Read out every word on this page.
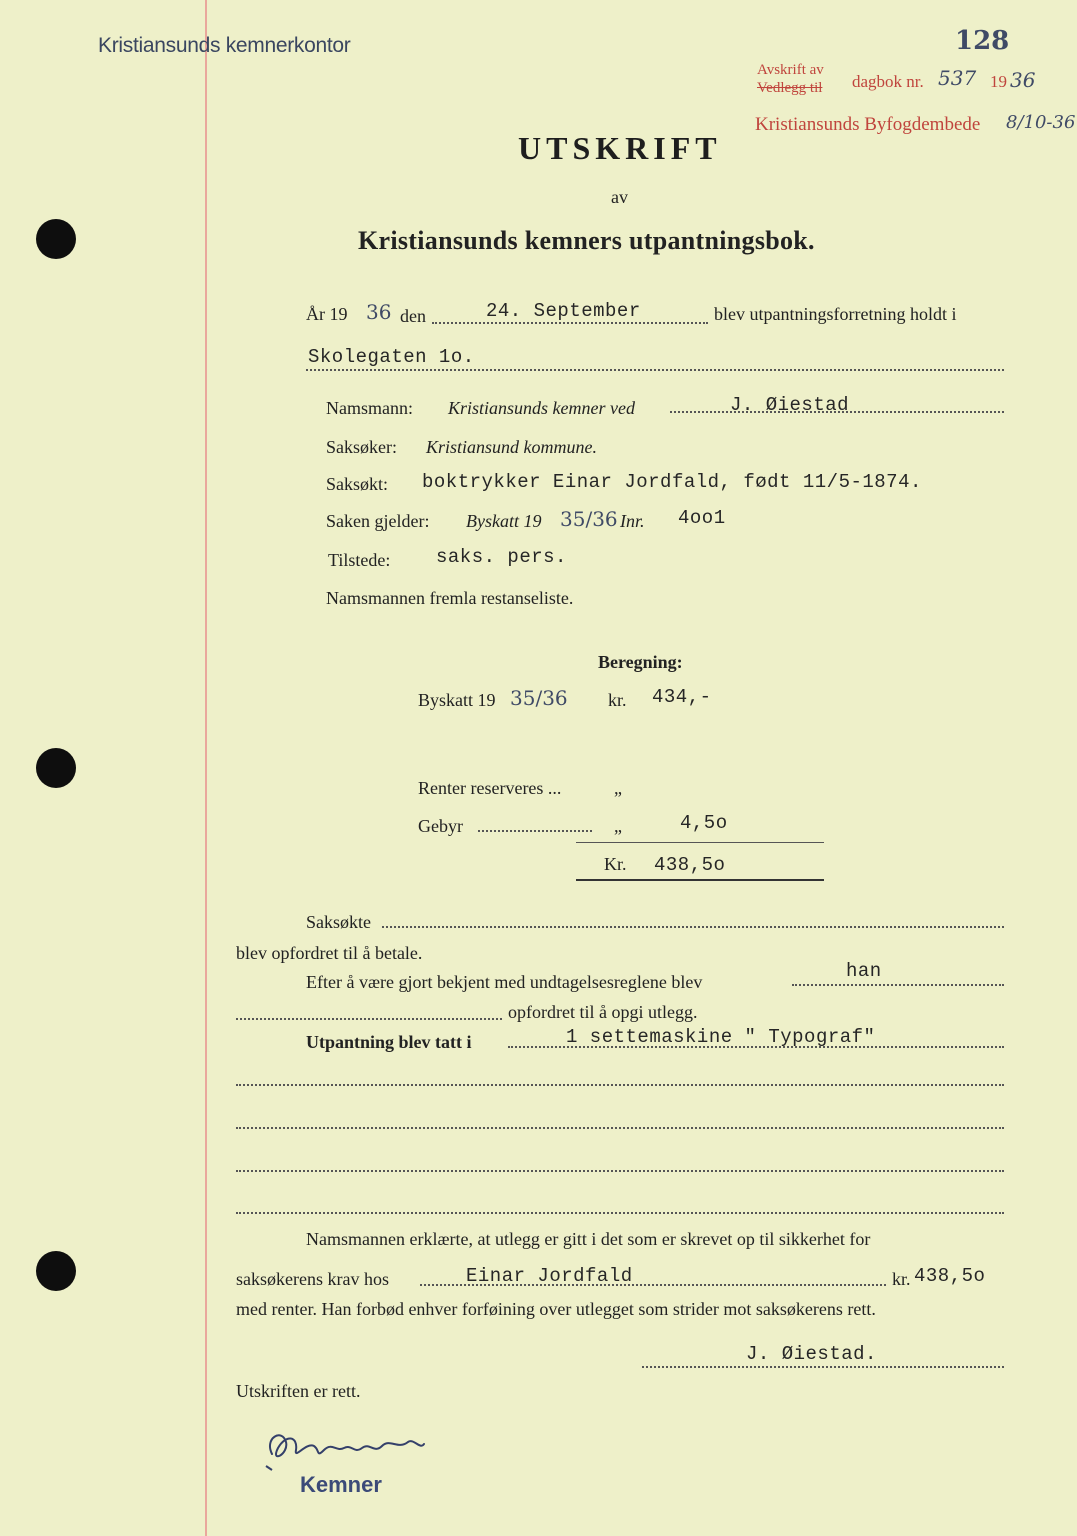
Kristiansunds kemnerkontor	128
Avskrift av
Vedlegg til dagbok nr. 537 19 36
Kristiansunds Byfogdembede 8/10-36
UTSKRIFT
av
Kristiansunds kemners utpantningsbok.
År 19 36 den	24. September	blev utpantningsforretning holdt i
Skolegaten 1o.
Namsmann: Kristiansunds kemner ved	J. Øiestad
Saksøker: Kristiansund kommune.
Saksøkt: boktrykker Einar Jordfald, født 11/5-1874.
Saken gjelder: Byskatt 19 35/36 Inr. 4oo1
Tilstede: saks. pers.
Namsmannen fremla restanseliste.
Beregning:
Byskatt 19 35/36 kr. 434,-
Renter reserveres ...	„
Gebyr	„	4,5o
Kr. 438,5o
Saksøkte
blev opfordret til å betale.
Efter å være gjort bekjent med undtagelsesreglene blev	han
opfordret til å opgi utlegg.
Utpantning blev tatt i	1 settemaskine " Typograf"
Namsmannen erklærte, at utlegg er gitt i det som er skrevet op til sikkerhet for
saksøkerens krav hos	Einar Jordfald	kr. 438,5o
med renter. Han forbød enhver forføining over utlegget som strider mot saksøkerens rett.
J. Øiestad.
Utskriften er rett.
Kemner
